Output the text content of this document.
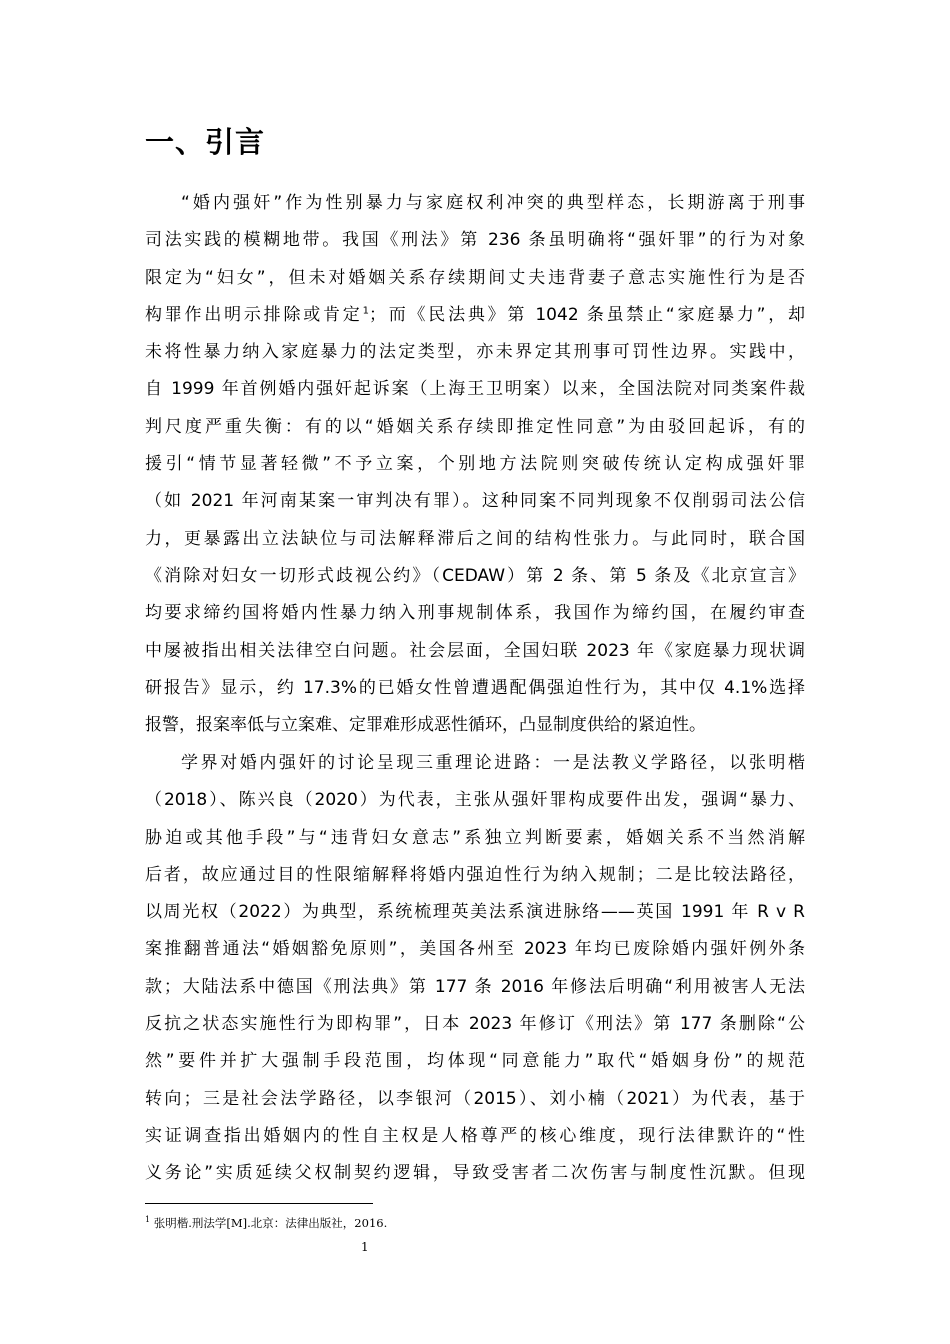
一、引言
“婚内强奸”作为性别暴力与家庭权利冲突的典型样态，长期游离于刑事
司法实践的模糊地带。我国《刑法》第 236 条虽明确将“强奸罪”的行为对象
限定为“妇女”，但未对婚姻关系存续期间丈夫违背妻子意志实施性行为是否
构罪作出明示排除或肯定$^1$；而《民法典》第 1042 条虽禁止“家庭暴力”，却
未将性暴力纳入家庭暴力的法定类型，亦未界定其刑事可罚性边界。实践中，
自 1999 年首例婚内强奸起诉案（上海王卫明案）以来，全国法院对同类案件裁
判尺度严重失衡：有的以“婚姻关系存续即推定性同意”为由驳回起诉，有的
援引“情节显著轻微”不予立案，个别地方法院则突破传统认定构成强奸罪
（如 2021 年河南某案一审判决有罪）。这种同案不同判现象不仅削弱司法公信
力，更暴露出立法缺位与司法解释滞后之间的结构性张力。与此同时，联合国
《消除对妇女一切形式歧视公约》（CEDAW）第 2 条、第 5 条及《北京宣言》
均要求缔约国将婚内性暴力纳入刑事规制体系，我国作为缔约国，在履约审查
中屡被指出相关法律空白问题。社会层面，全国妇联 2023 年《家庭暴力现状调
研报告》显示，约 17.3%的已婚女性曾遭遇配偶强迫性行为，其中仅 4.1%选择
报警，报案率低与立案难、定罪难形成恶性循环，凸显制度供给的紧迫性。
学界对婚内强奸的讨论呈现三重理论进路：一是法教义学路径，以张明楷
（2018）、陈兴良（2020）为代表，主张从强奸罪构成要件出发，强调“暴力、
胁迫或其他手段”与“违背妇女意志”系独立判断要素，婚姻关系不当然消解
后者，故应通过目的性限缩解释将婚内强迫性行为纳入规制；二是比较法路径，
以周光权（2022）为典型，系统梳理英美法系演进脉络——英国 1991 年 R v R
案推翻普通法“婚姻豁免原则”，美国各州至 2023 年均已废除婚内强奸例外条
款；大陆法系中德国《刑法典》第 177 条 2016 年修法后明确“利用被害人无法
反抗之状态实施性行为即构罪”，日本 2023 年修订《刑法》第 177 条删除“公
然”要件并扩大强制手段范围，均体现“同意能力”取代“婚姻身份”的规范
转向；三是社会法学路径，以李银河（2015）、刘小楠（2021）为代表，基于
实证调查指出婚姻内的性自主权是人格尊严的核心维度，现行法律默许的“性
义务论”实质延续父权制契约逻辑，导致受害者二次伤害与制度性沉默。但现
$^1$ 张明楷.刑法学[M].北京：法律出版社，2016.
1
